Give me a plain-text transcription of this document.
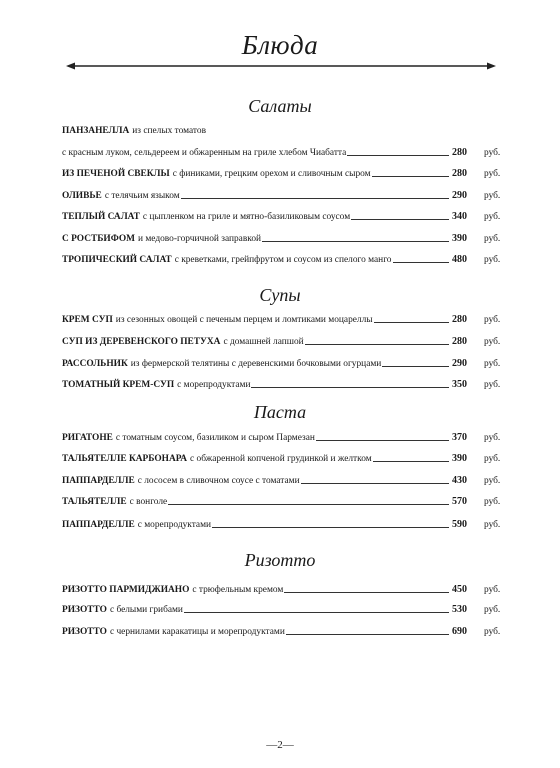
Блюда
Салаты
ПАНЗАНЕЛЛА из спелых томатов
с красным луком, сельдереем и обжаренным на гриле хлебом Чиабатта	280	руб.
ИЗ ПЕЧЕНОЙ СВЕКЛЫ с финиками, грецким орехом и сливочным сыром	280	руб.
ОЛИВЬЕ с телячьим языком	290	руб.
ТЕПЛЫЙ САЛАТ с цыпленком на гриле и мятно-базиликовым соусом	340	руб.
С РОСТБИФОМ и медово-горчичной заправкой	390	руб.
ТРОПИЧЕСКИЙ САЛАТ с креветками, грейпфрутом и соусом из спелого манго	480	руб.
Супы
КРЕМ СУП из сезонных овощей с печеным перцем и ломтиками моцареллы	280	руб.
СУП ИЗ ДЕРЕВЕНСКОГО ПЕТУХА с домашней лапшой	280	руб.
РАССОЛЬНИК из фермерской телятины с деревенскими бочковыми огурцами	290	руб.
ТОМАТНЫЙ КРЕМ-СУП с морепродуктами	350	руб.
Паста
РИГАТОНЕ с томатным соусом, базиликом и сыром Пармезан	370	руб.
ТАЛЬЯТЕЛЛЕ КАРБОНАРА с обжаренной копченой грудинкой и желтком	390	руб.
ПАППАРДЕЛЛЕ с лососем в сливочном соусе с томатами	430	руб.
ТАЛЬЯТЕЛЛЕ с вонголе	570	руб.
ПАППАРДЕЛЛЕ с морепродуктами	590	руб.
Ризотто
РИЗОТТО ПАРМИДЖИАНО с трюфельным кремом	450	руб.
РИЗОТТО с белыми грибами	530	руб.
РИЗОТТО с чернилами каракатицы и морепродуктами	690	руб.
—2—
